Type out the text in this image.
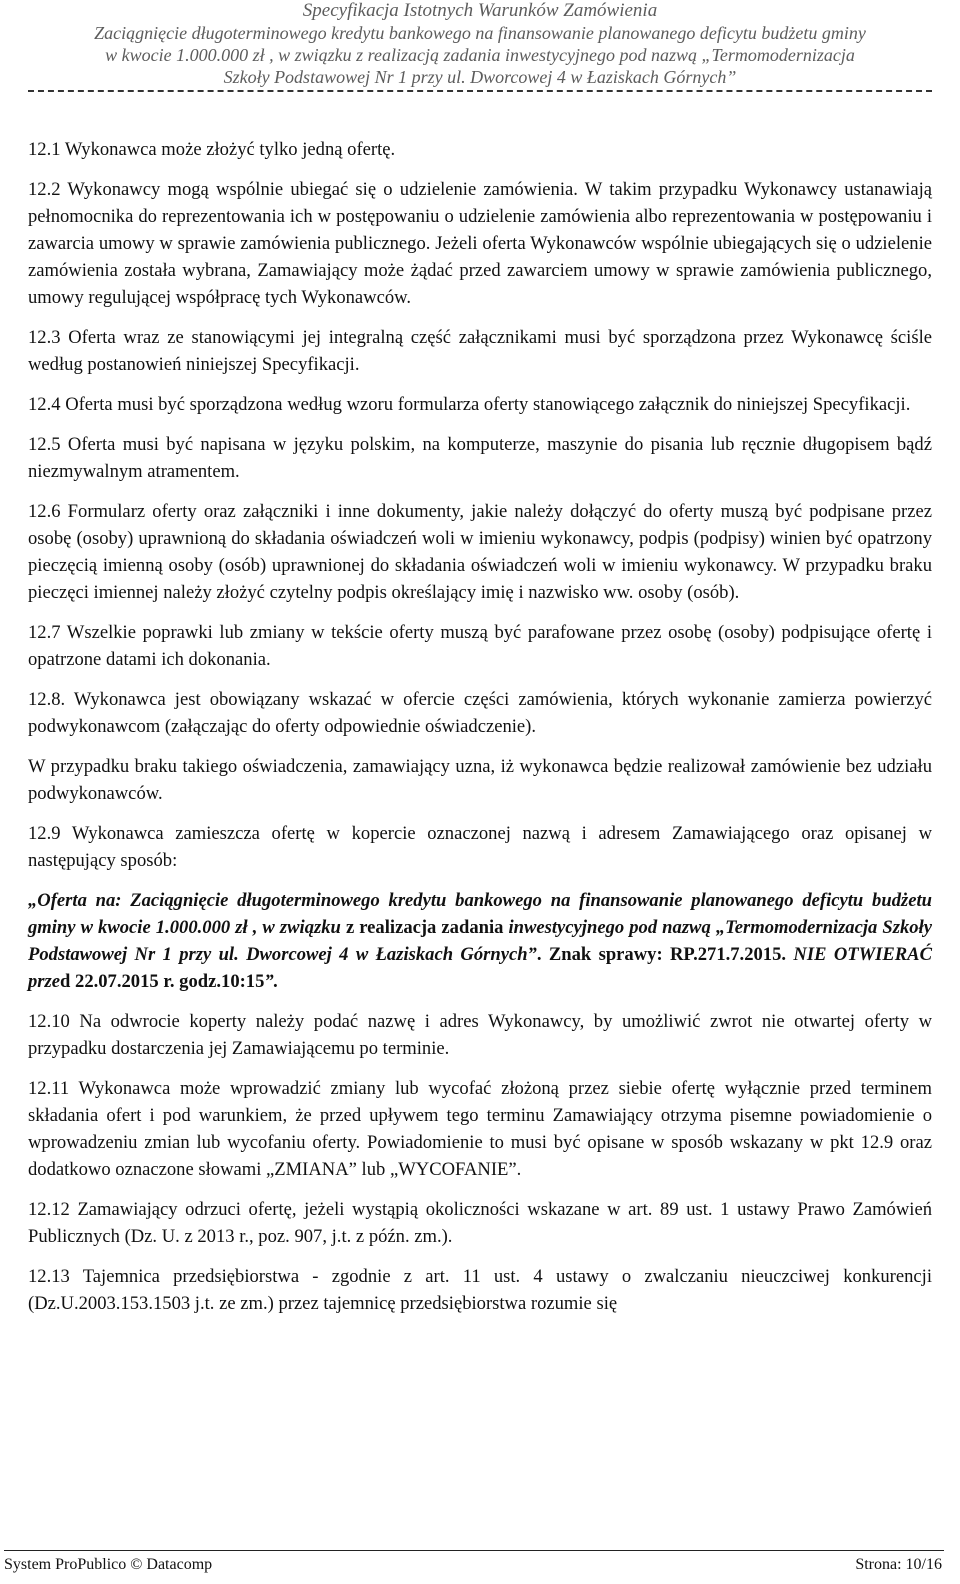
Specyfikacja Istotnych Warunków Zamówienia
Zaciągnięcie długoterminowego kredytu bankowego na finansowanie planowanego deficytu budżetu gminy
w kwocie 1.000.000 zł , w związku z realizacją zadania inwestycyjnego pod nazwą „Termomodernizacja
Szkoły Podstawowej Nr 1 przy ul. Dworcowej 4 w Łaziskach Górnych”

12.1 Wykonawca może złożyć tylko jedną ofertę.

12.2 Wykonawcy mogą wspólnie ubiegać się o udzielenie zamówienia. W takim przypadku Wykonawcy ustanawiają pełnomocnika do reprezentowania ich w postępowaniu o udzielenie zamówienia albo reprezentowania w postępowaniu i zawarcia umowy w sprawie zamówienia publicznego. Jeżeli oferta Wykonawców wspólnie ubiegających się o udzielenie zamówienia została wybrana, Zamawiający może żądać przed zawarciem umowy w sprawie zamówienia publicznego, umowy regulującej współpracę tych Wykonawców.

12.3 Oferta wraz ze stanowiącymi jej integralną część załącznikami musi być sporządzona przez Wykonawcę ściśle według postanowień niniejszej Specyfikacji.

12.4 Oferta musi być sporządzona według wzoru formularza oferty stanowiącego załącznik do niniejszej Specyfikacji.

12.5 Oferta musi być napisana w języku polskim, na komputerze, maszynie do pisania lub ręcznie długopisem bądź niezmywalnym atramentem.

12.6 Formularz oferty oraz załączniki i inne dokumenty, jakie należy dołączyć do oferty muszą być podpisane przez osobę (osoby) uprawnioną do składania oświadczeń woli w imieniu wykonawcy, podpis (podpisy) winien być opatrzony pieczęcią imienną osoby (osób) uprawnionej do składania oświadczeń woli w imieniu wykonawcy. W przypadku braku pieczęci imiennej należy złożyć czytelny podpis określający imię i nazwisko ww. osoby (osób).

12.7 Wszelkie poprawki lub zmiany w tekście oferty muszą być parafowane przez osobę (osoby) podpisujące ofertę i opatrzone datami ich dokonania.

12.8. Wykonawca jest obowiązany wskazać w ofercie części zamówienia, których wykonanie zamierza powierzyć podwykonawcom (załączając do oferty odpowiednie oświadczenie).

W przypadku braku takiego oświadczenia, zamawiający uzna, iż wykonawca będzie realizował zamówienie bez udziału podwykonawców.

12.9 Wykonawca zamieszcza ofertę w kopercie oznaczonej nazwą i adresem Zamawiającego oraz opisanej w następujący sposób:

„Oferta na: Zaciągnięcie długoterminowego kredytu bankowego na finansowanie planowanego deficytu budżetu gminy w kwocie 1.000.000 zł , w związku z realizacja zadania inwestycyjnego pod nazwą „Termomodernizacja Szkoły Podstawowej Nr 1 przy ul. Dworcowej 4 w Łaziskach Górnych”. Znak sprawy: RP.271.7.2015. NIE OTWIERAĆ przed 22.07.2015 r. godz.10:15”.

12.10 Na odwrocie koperty należy podać nazwę i adres Wykonawcy, by umożliwić zwrot nie otwartej oferty w przypadku dostarczenia jej Zamawiającemu po terminie.

12.11 Wykonawca może wprowadzić zmiany lub wycofać złożoną przez siebie ofertę wyłącznie przed terminem składania ofert i pod warunkiem, że przed upływem tego terminu Zamawiający otrzyma pisemne powiadomienie o wprowadzeniu zmian lub wycofaniu oferty. Powiadomienie to musi być opisane w sposób wskazany w pkt 12.9 oraz dodatkowo oznaczone słowami „ZMIANA” lub „WYCOFANIE”.

12.12 Zamawiający odrzuci ofertę, jeżeli wystąpią okoliczności wskazane w art. 89 ust. 1 ustawy Prawo Zamówień Publicznych (Dz. U. z 2013 r., poz. 907, j.t. z późn. zm.).

12.13 Tajemnica przedsiębiorstwa - zgodnie z art. 11 ust. 4 ustawy o zwalczaniu nieuczciwej konkurencji (Dz.U.2003.153.1503 j.t. ze zm.) przez tajemnicę przedsiębiorstwa rozumie się

System ProPublico © Datacomp	Strona: 10/16
